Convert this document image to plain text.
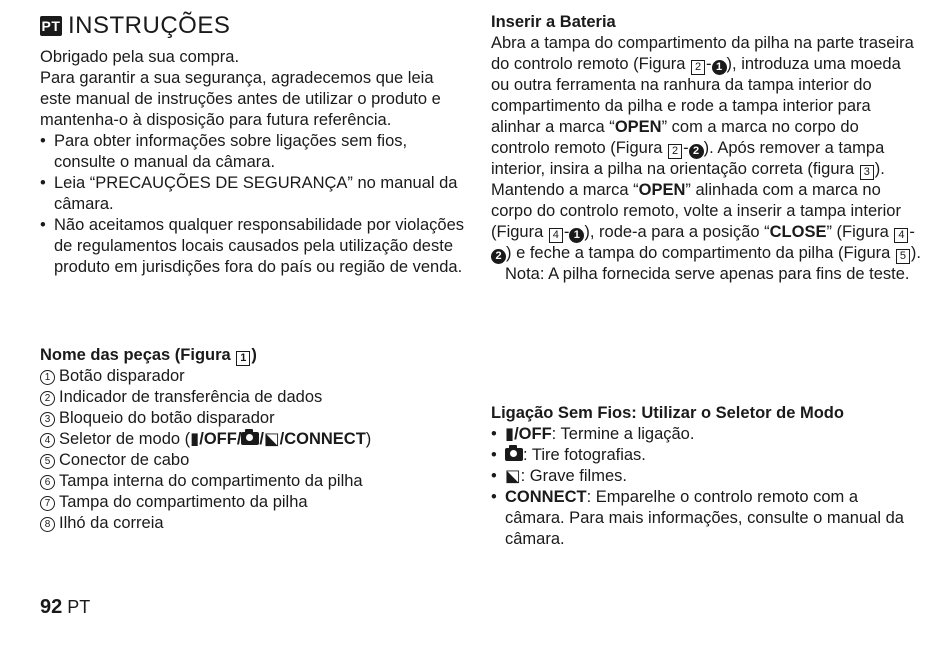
PT INSTRUÇÕES
Obrigado pela sua compra.
Para garantir a sua segurança, agradecemos que leia este manual de instruções antes de utilizar o produto e mantenha-o à disposição para futura referência.
• Para obter informações sobre ligações sem fios, consulte o manual da câmara.
• Leia “PRECAUÇÕES DE SEGURANÇA” no manual da câmara.
• Não aceitamos qualquer responsabilidade por violações de regulamentos locais causados pela utilização deste produto em jurisdições fora do país ou região de venda.
Nome das peças (Figura 1 )
1 Botão disparador
2 Indicador de transferência de dados
3 Bloqueio do botão disparador
4 Seletor de modo (▮/OFF/ /⬕/CONNECT)
5 Conector de cabo
6 Tampa interna do compartimento da pilha
7 Tampa do compartimento da pilha
8 Ilhó da correia
Inserir a Bateria
Abra a tampa do compartimento da pilha na parte traseira do controlo remoto (Figura 2 - 1 ), introduza uma moeda ou outra ferramenta na ranhura da tampa interior do compartimento da pilha e rode a tampa interior para alinhar a marca “OPEN” com a marca no corpo do controlo remoto (Figura 2 - 2 ). Após remover a tampa interior, insira a pilha na orientação correta (figura 3 ). Mantendo a marca “OPEN” alinhada com a marca no corpo do controlo remoto, volte a inserir a tampa interior (Figura 4 - 1 ), rode-a para a posição “CLOSE” (Figura 4 -2 ) e feche a tampa do compartimento da pilha (Figura 5 ).
Nota: A pilha fornecida serve apenas para fins de teste.
Ligação Sem Fios: Utilizar o Seletor de Modo
• ▮/OFF: Termine a ligação.
• : Tire fotografias.
• ⬕: Grave filmes.
• CONNECT: Emparelhe o controlo remoto com a câmara. Para mais informações, consulte o manual da câmara.
92 PT
